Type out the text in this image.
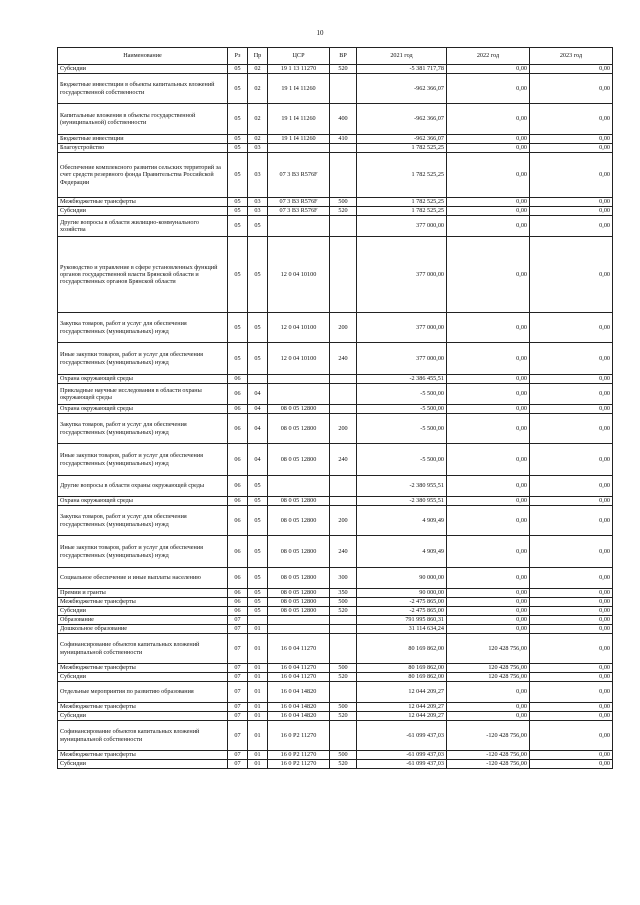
10
Наименование	Рз	Пр	ЦСР	ВР	2021 год	2022 год	2023 год
Субсидии	05	02	19 1 13 11270	520	-5 381 717,78	0,00	0,00
Бюджетные инвестиции в объекты капитальных вложений государственной собственности	05	02	19 1 I4 11260		-962 366,07	0,00	0,00
Капитальные вложения в объекты государственной (муниципальной) собственности	05	02	19 1 I4 11260	400	-962 366,07	0,00	0,00
Бюджетные инвестиции	05	02	19 1 I4 11260	410	-962 366,07	0,00	0,00
Благоустройство	05	03			1 782 525,25	0,00	0,00
Обеспечение комплексного развития сельских территорий за счет средств резервного фонда Правительства Российской Федерации	05	03	07 3 B3 R576F		1 782 525,25	0,00	0,00
Межбюджетные трансферты	05	03	07 3 B3 R576F	500	1 782 525,25	0,00	0,00
Субсидии	05	03	07 3 B3 R576F	520	1 782 525,25	0,00	0,00
Другие вопросы в области жилищно-коммунального хозяйства	05	05			377 000,00	0,00	0,00
Руководство и управление в сфере установленных функций органов государственной власти Брянской области и государственных органов Брянской области	05	05	12 0 04 10100		377 000,00	0,00	0,00
Закупка товаров, работ и услуг для обеспечения государственных (муниципальных) нужд	05	05	12 0 04 10100	200	377 000,00	0,00	0,00
Иные закупки товаров, работ и услуг для обеспечения государственных (муниципальных) нужд	05	05	12 0 04 10100	240	377 000,00	0,00	0,00
Охрана окружающей среды	06				-2 386 455,51	0,00	0,00
Прикладные научные исследования в области охраны окружающей среды	06	04			-5 500,00	0,00	0,00
Охрана окружающей среды	06	04	08 0 05 12800		-5 500,00	0,00	0,00
Закупка товаров, работ и услуг для обеспечения государственных (муниципальных) нужд	06	04	08 0 05 12800	200	-5 500,00	0,00	0,00
Иные закупки товаров, работ и услуг для обеспечения государственных (муниципальных) нужд	06	04	08 0 05 12800	240	-5 500,00	0,00	0,00
Другие вопросы в области охраны окружающей среды	06	05			-2 380 955,51	0,00	0,00
Охрана окружающей среды	06	05	08 0 05 12800		-2 380 955,51	0,00	0,00
Закупка товаров, работ и услуг для обеспечения государственных (муниципальных) нужд	06	05	08 0 05 12800	200	4 909,49	0,00	0,00
Иные закупки товаров, работ и услуг для обеспечения государственных (муниципальных) нужд	06	05	08 0 05 12800	240	4 909,49	0,00	0,00
Социальное обеспечение и иные выплаты населению	06	05	08 0 05 12800	300	90 000,00	0,00	0,00
Премии и гранты	06	05	08 0 05 12800	350	90 000,00	0,00	0,00
Межбюджетные трансферты	06	05	08 0 05 12800	500	-2 475 865,00	0,00	0,00
Субсидии	06	05	08 0 05 12800	520	-2 475 865,00	0,00	0,00
Образование	07				791 995 860,31	0,00	0,00
Дошкольное образование	07	01			31 114 634,24	0,00	0,00
Софинансирование объектов капитальных вложений муниципальной собственности	07	01	16 0 04 11270		80 169 862,00	120 428 756,00	0,00
Межбюджетные трансферты	07	01	16 0 04 11270	500	80 169 862,00	120 428 756,00	0,00
Субсидии	07	01	16 0 04 11270	520	80 169 862,00	120 428 756,00	0,00
Отдельные мероприятия по развитию образования	07	01	16 0 04 14820		12 044 209,27	0,00	0,00
Межбюджетные трансферты	07	01	16 0 04 14820	500	12 044 209,27	0,00	0,00
Субсидии	07	01	16 0 04 14820	520	12 044 209,27	0,00	0,00
Софинансирование объектов капитальных вложений муниципальной собственности	07	01	16 0 P2 11270		-61 099 437,03	-120 428 756,00	0,00
Межбюджетные трансферты	07	01	16 0 P2 11270	500	-61 099 437,03	-120 428 756,00	0,00
Субсидии	07	01	16 0 P2 11270	520	-61 099 437,03	-120 428 756,00	0,00
